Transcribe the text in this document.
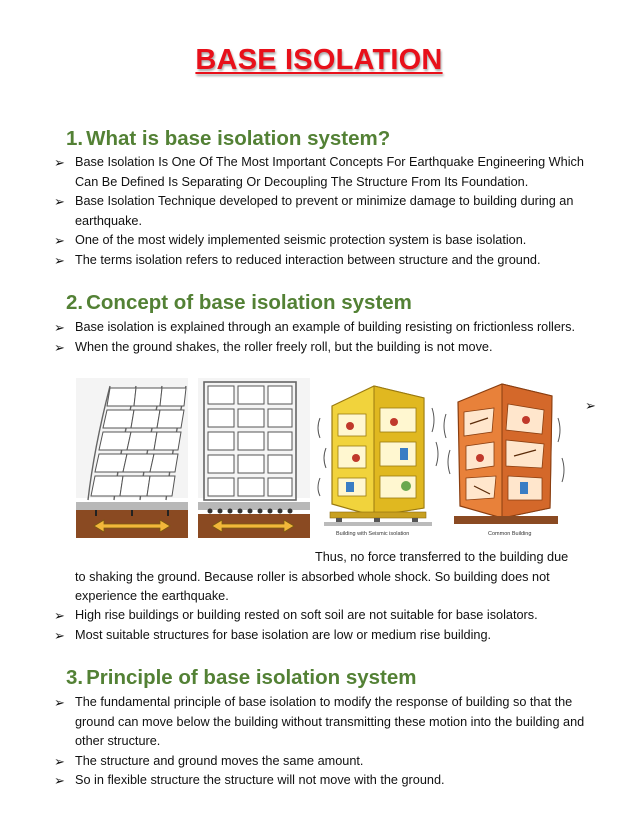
BASE ISOLATION
1. What is base isolation system?
➢ Base Isolation Is One Of The Most Important Concepts For Earthquake Engineering Which Can Be Defined Is Separating Or Decoupling The Structure From Its Foundation.
➢ Base Isolation Technique developed to prevent or minimize damage to building during an earthquake.
➢ One of the most widely implemented seismic protection system is base isolation.
➢ The terms isolation refers to reduced interaction between structure and the ground.
2. Concept of base isolation system
➢ Base isolation is explained through an example of building resisting on frictionless rollers.
➢ When the ground shakes, the roller freely roll, but the building is not move.
Building with Seismic isolation	Common Building
➢
Thus, no force transferred to the building due
to shaking the ground. Because roller is absorbed whole shock. So building does not experience the earthquake.
➢ High rise buildings or building rested on soft soil are not suitable for base isolators.
➢ Most suitable structures for base isolation are low or medium rise building.
3. Principle of base isolation system
➢ The fundamental principle of base isolation to modify the response of building so that the ground can move below the building without transmitting these motion into the building and other structure.
➢ The structure and ground moves the same amount.
➢ So in flexible structure the structure will not move with the ground.
